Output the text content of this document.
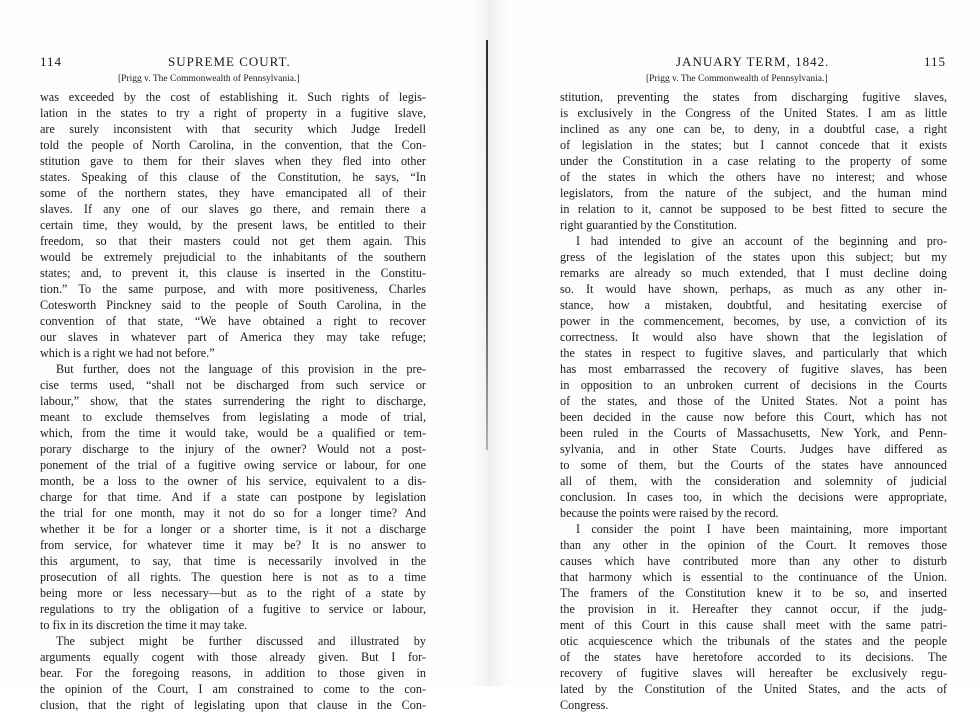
114	SUPREME COURT.
[Prigg v. The Commonwealth of Pennsylvania.]
was exceeded by the cost of establishing it. Such rights of legis-
lation in the states to try a right of property in a fugitive slave,
are surely inconsistent with that security which Judge Iredell
told the people of North Carolina, in the convention, that the Con-
stitution gave to them for their slaves when they fled into other
states. Speaking of this clause of the Constitution, he says, “In
some of the northern states, they have emancipated all of their
slaves. If any one of our slaves go there, and remain there a
certain time, they would, by the present laws, be entitled to their
freedom, so that their masters could not get them again. This
would be extremely prejudicial to the inhabitants of the southern
states; and, to prevent it, this clause is inserted in the Constitu-
tion.” To the same purpose, and with more positiveness, Charles
Cotesworth Pinckney said to the people of South Carolina, in the
convention of that state, “We have obtained a right to recover
our slaves in whatever part of America they may take refuge;
which is a right we had not before.”
But further, does not the language of this provision in the pre-
cise terms used, “shall not be discharged from such service or
labour,” show, that the states surrendering the right to discharge,
meant to exclude themselves from legislating a mode of trial,
which, from the time it would take, would be a qualified or tem-
porary discharge to the injury of the owner? Would not a post-
ponement of the trial of a fugitive owing service or labour, for one
month, be a loss to the owner of his service, equivalent to a dis-
charge for that time. And if a state can postpone by legislation
the trial for one month, may it not do so for a longer time? And
whether it be for a longer or a shorter time, is it not a discharge
from service, for whatever time it may be? It is no answer to
this argument, to say, that time is necessarily involved in the
prosecution of all rights. The question here is not as to a time
being more or less necessary—but as to the right of a state by
regulations to try the obligation of a fugitive to service or labour,
to fix in its discretion the time it may take.
The subject might be further discussed and illustrated by
arguments equally cogent with those already given. But I for-
bear. For the foregoing reasons, in addition to those given in
the opinion of the Court, I am constrained to come to the con-
clusion, that the right of legislating upon that clause in the Con-
JANUARY TERM, 1842.	115
[Prigg v. The Commonwealth of Pennsylvania.]
stitution, preventing the states from discharging fugitive slaves,
is exclusively in the Congress of the United States. I am as little
inclined as any one can be, to deny, in a doubtful case, a right
of legislation in the states; but I cannot concede that it exists
under the Constitution in a case relating to the property of some
of the states in which the others have no interest; and whose
legislators, from the nature of the subject, and the human mind
in relation to it, cannot be supposed to be best fitted to secure the
right guarantied by the Constitution.
I had intended to give an account of the beginning and pro-
gress of the legislation of the states upon this subject; but my
remarks are already so much extended, that I must decline doing
so. It would have shown, perhaps, as much as any other in-
stance, how a mistaken, doubtful, and hesitating exercise of
power in the commencement, becomes, by use, a conviction of its
correctness. It would also have shown that the legislation of
the states in respect to fugitive slaves, and particularly that which
has most embarrassed the recovery of fugitive slaves, has been
in opposition to an unbroken current of decisions in the Courts
of the states, and those of the United States. Not a point has
been decided in the cause now before this Court, which has not
been ruled in the Courts of Massachusetts, New York, and Penn-
sylvania, and in other State Courts. Judges have differed as
to some of them, but the Courts of the states have announced
all of them, with the consideration and solemnity of judicial
conclusion. In cases too, in which the decisions were appropriate,
because the points were raised by the record.
I consider the point I have been maintaining, more important
than any other in the opinion of the Court. It removes those
causes which have contributed more than any other to disturb
that harmony which is essential to the continuance of the Union.
The framers of the Constitution knew it to be so, and inserted
the provision in it. Hereafter they cannot occur, if the judg-
ment of this Court in this cause shall meet with the same patri-
otic acquiescence which the tribunals of the states and the people
of the states have heretofore accorded to its decisions. The
recovery of fugitive slaves will hereafter be exclusively regu-
lated by the Constitution of the United States, and the acts of
Congress.
